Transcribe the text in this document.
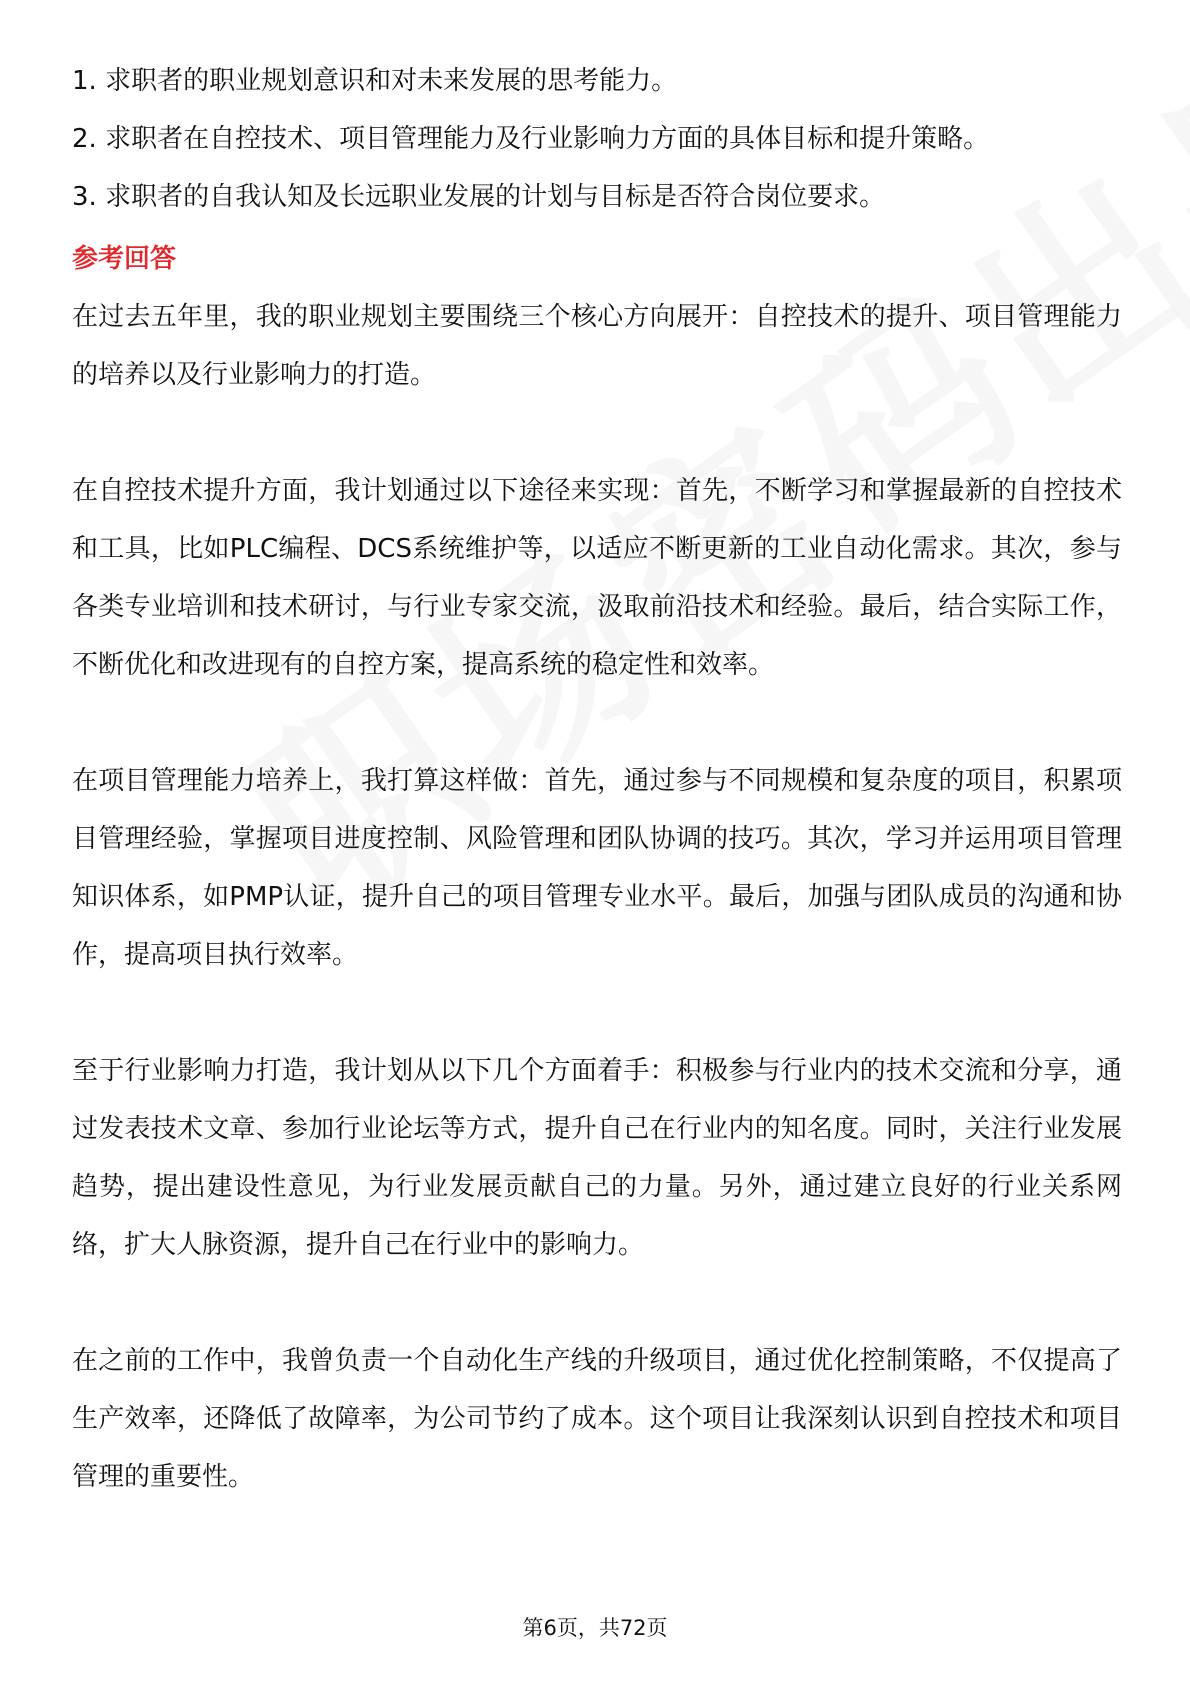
1. 求职者的职业规划意识和对未来发展的思考能力。

2. 求职者在自控技术、项目管理能力及行业影响力方面的具体目标和提升策略。

3. 求职者的自我认知及长远职业发展的计划与目标是否符合岗位要求。

参考回答

在过去五年里，我的职业规划主要围绕三个核心方向展开：自控技术的提升、项目管理能力的培养以及行业影响力的打造。

在自控技术提升方面，我计划通过以下途径来实现：首先，不断学习和掌握最新的自控技术和工具，比如PLC编程、DCS系统维护等，以适应不断更新的工业自动化需求。其次，参与各类专业培训和技术研讨，与行业专家交流，汲取前沿技术和经验。最后，结合实际工作，不断优化和改进现有的自控方案，提高系统的稳定性和效率。

在项目管理能力培养上，我打算这样做：首先，通过参与不同规模和复杂度的项目，积累项目管理经验，掌握项目进度控制、风险管理和团队协调的技巧。其次，学习并运用项目管理知识体系，如PMP认证，提升自己的项目管理专业水平。最后，加强与团队成员的沟通和协作，提高项目执行效率。

至于行业影响力打造，我计划从以下几个方面着手：积极参与行业内的技术交流和分享，通过发表技术文章、参加行业论坛等方式，提升自己在行业内的知名度。同时，关注行业发展趋势，提出建设性意见，为行业发展贡献自己的力量。另外，通过建立良好的行业关系网络，扩大人脉资源，提升自己在行业中的影响力。

在之前的工作中，我曾负责一个自动化生产线的升级项目，通过优化控制策略，不仅提高了生产效率，还降低了故障率，为公司节约了成本。这个项目让我深刻认识到自控技术和项目管理的重要性。

第6页，共72页
